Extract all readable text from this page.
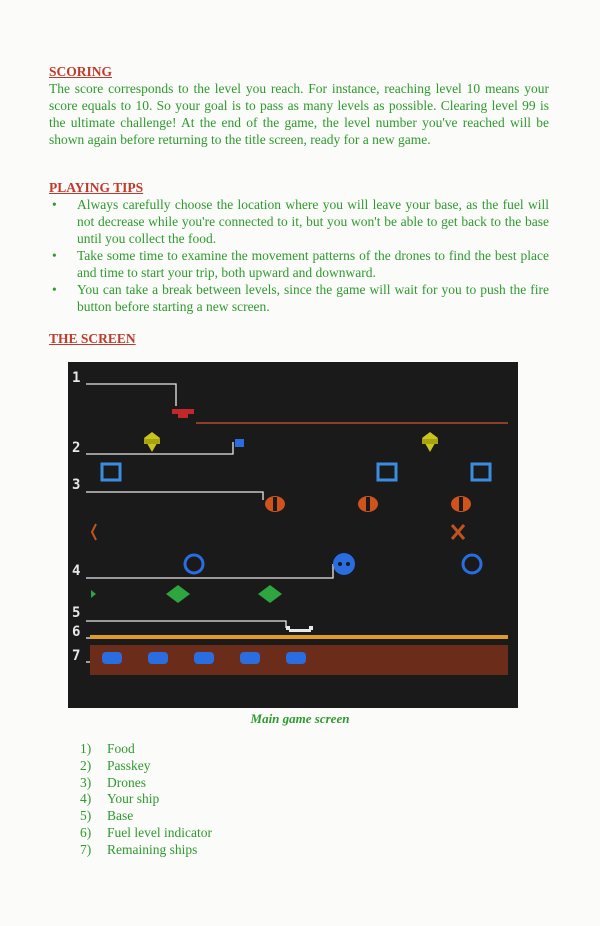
SCORING

The score corresponds to the level you reach. For instance, reaching level 10 means your score equals to 10. So your goal is to pass as many levels as possible. Clearing level 99 is the ultimate challenge! At the end of the game, the level number you've reached will be shown again before returning to the title screen, ready for a new game.

PLAYING TIPS
• Always carefully choose the location where you will leave your base, as the fuel will not decrease while you're connected to it, but you won't be able to get back to the base until you collect the food.
• Take some time to examine the movement patterns of the drones to find the best place and time to start your trip, both upward and downward.
• You can take a break between levels, since the game will wait for you to push the fire button before starting a new screen.
THE SCREEN
1
2
3
4
5
6
7
Main game screen
1) Food
2) Passkey
3) Drones
4) Your ship
5) Base
6) Fuel level indicator
7) Remaining ships
